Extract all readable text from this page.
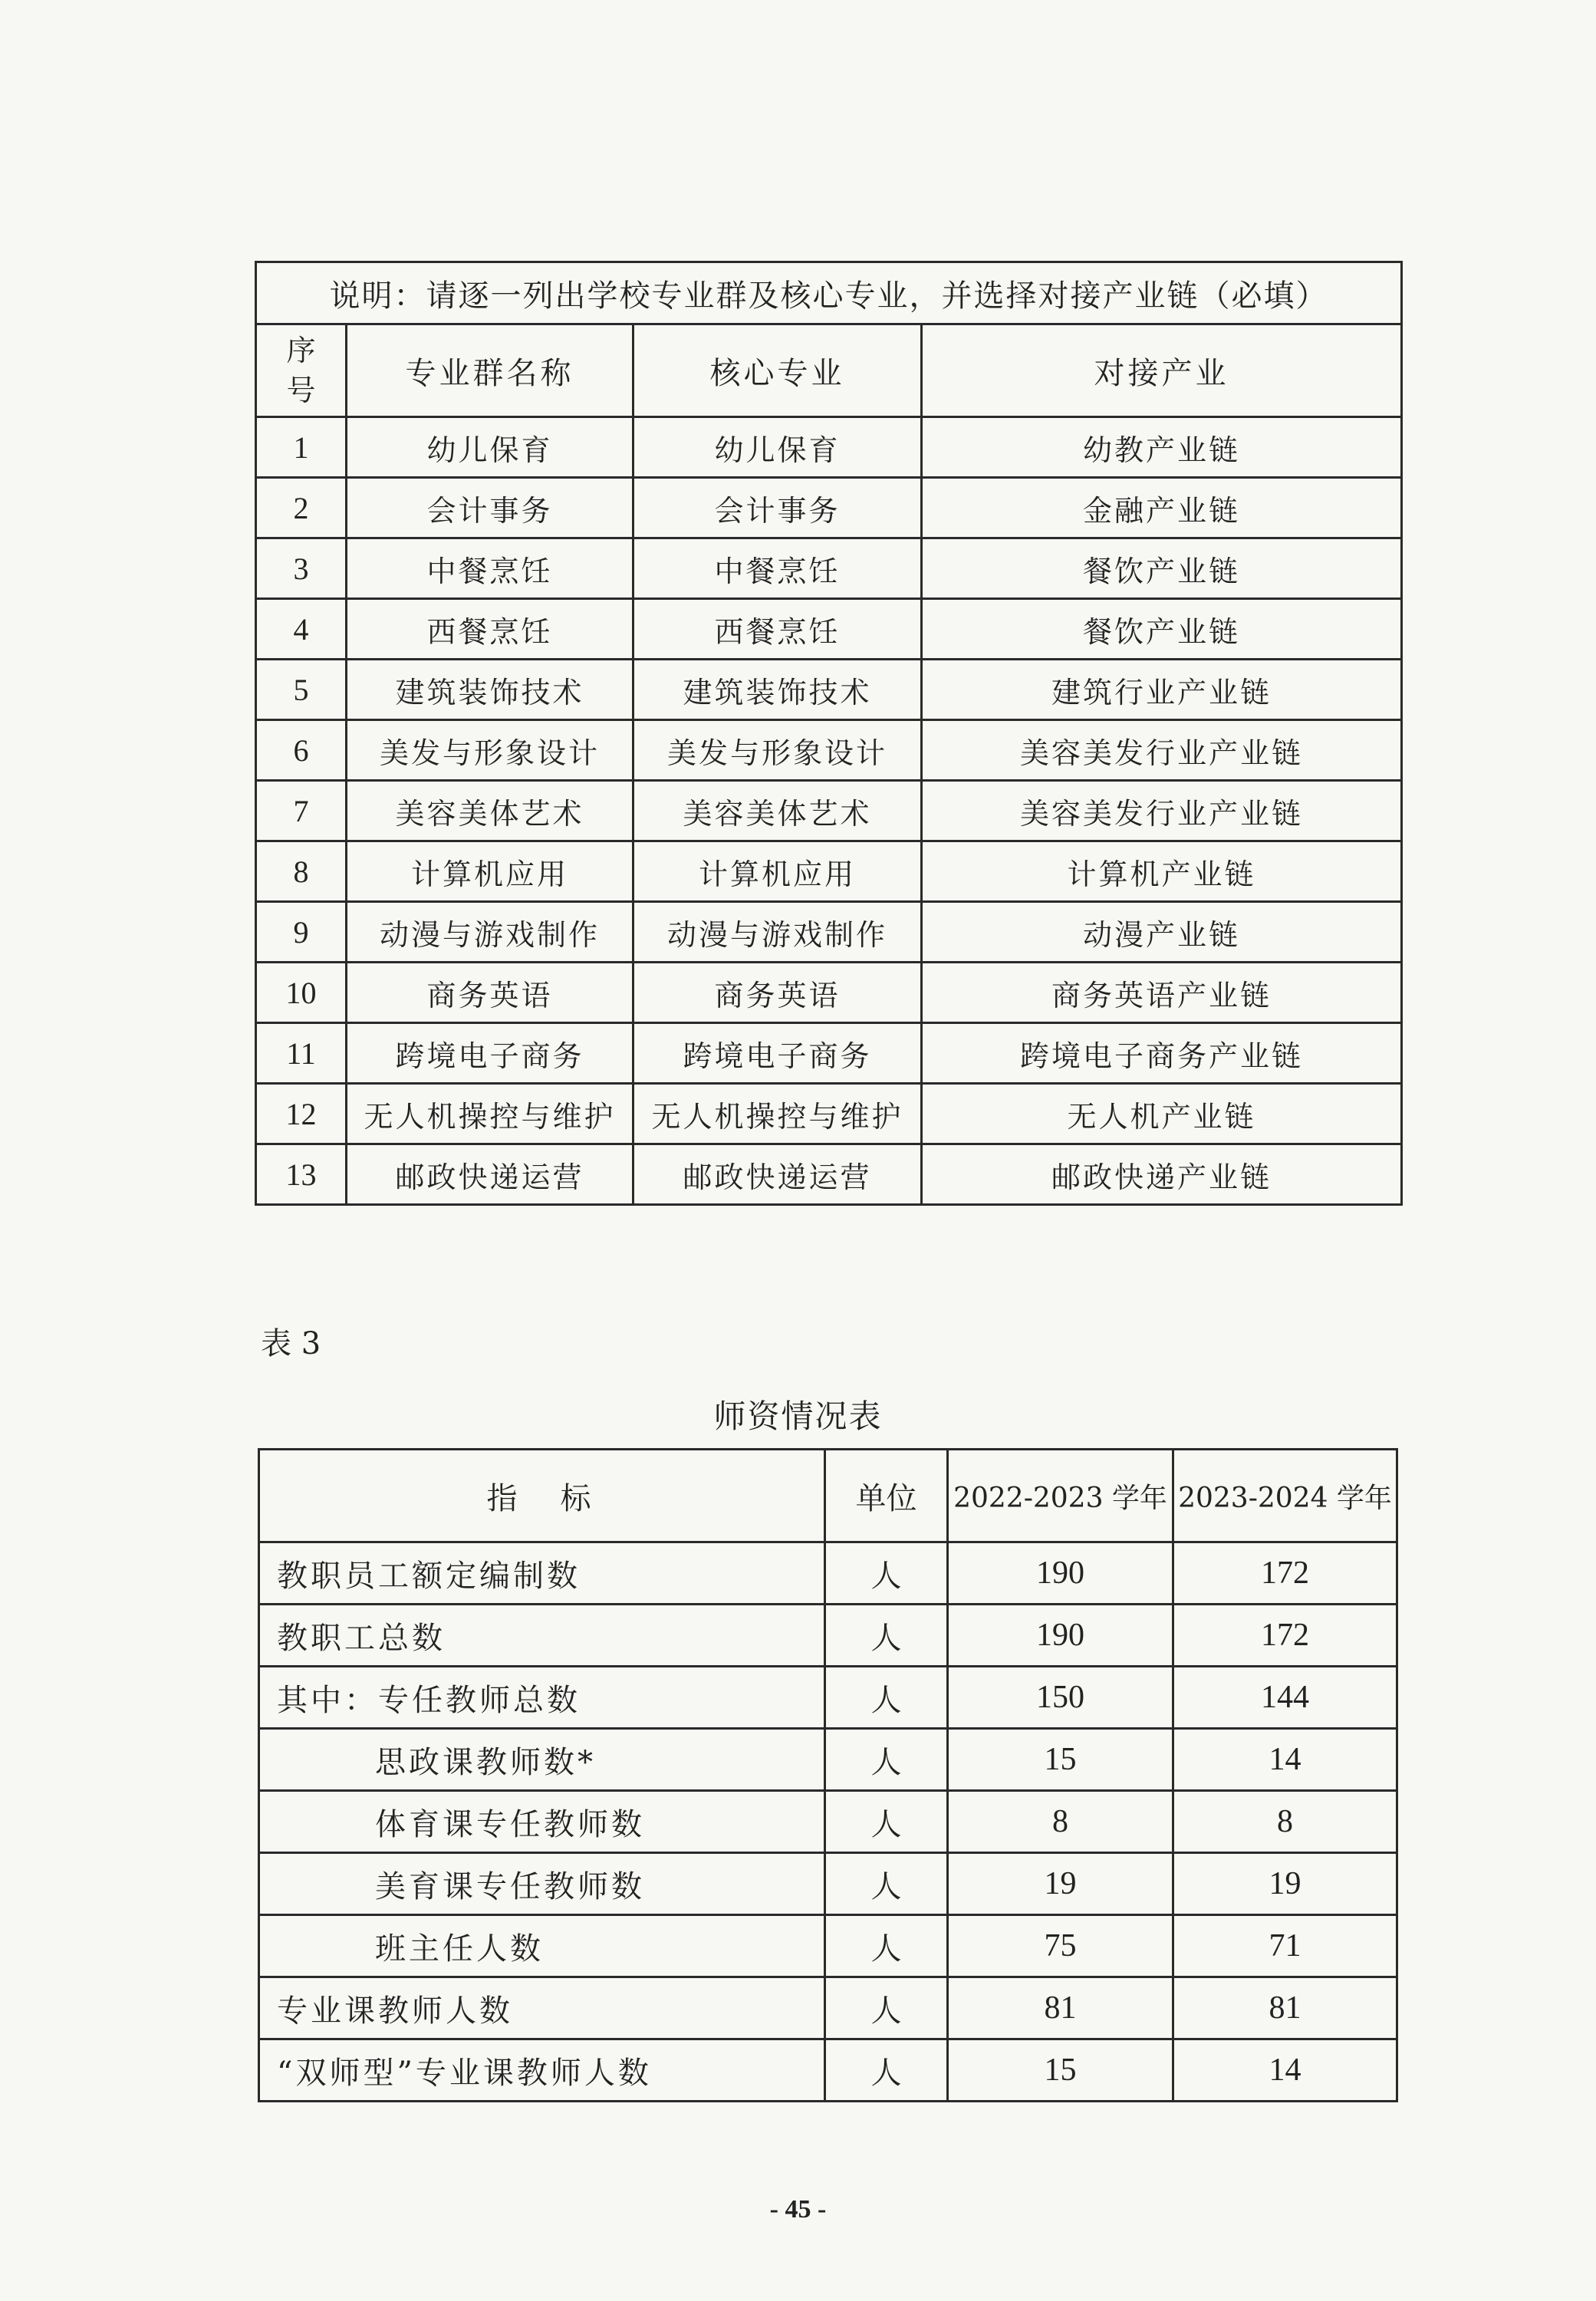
说明：请逐一列出学校专业群及核心专业，并选择对接产业链（必填）			
序号	专业群名称	核心专业	对接产业
1	幼儿保育	幼儿保育	幼教产业链
2	会计事务	会计事务	金融产业链
3	中餐烹饪	中餐烹饪	餐饮产业链
4	西餐烹饪	西餐烹饪	餐饮产业链
5	建筑装饰技术	建筑装饰技术	建筑行业产业链
6	美发与形象设计	美发与形象设计	美容美发行业产业链
7	美容美体艺术	美容美体艺术	美容美发行业产业链
8	计算机应用	计算机应用	计算机产业链
9	动漫与游戏制作	动漫与游戏制作	动漫产业链
10	商务英语	商务英语	商务英语产业链
11	跨境电子商务	跨境电子商务	跨境电子商务产业链
12	无人机操控与维护	无人机操控与维护	无人机产业链
13	邮政快递运营	邮政快递运营	邮政快递产业链
表 3
师资情况表
指　标	单位	2022-2023 学年	2023-2024 学年
教职员工额定编制数	人	190	172
教职工总数	人	190	172
其中：专任教师总数	人	150	144
思政课教师数*	人	15	14
体育课专任教师数	人	8	8
美育课专任教师数	人	19	19
班主任人数	人	75	71
专业课教师人数	人	81	81
“双师型”专业课教师人数	人	15	14
- 45 -
